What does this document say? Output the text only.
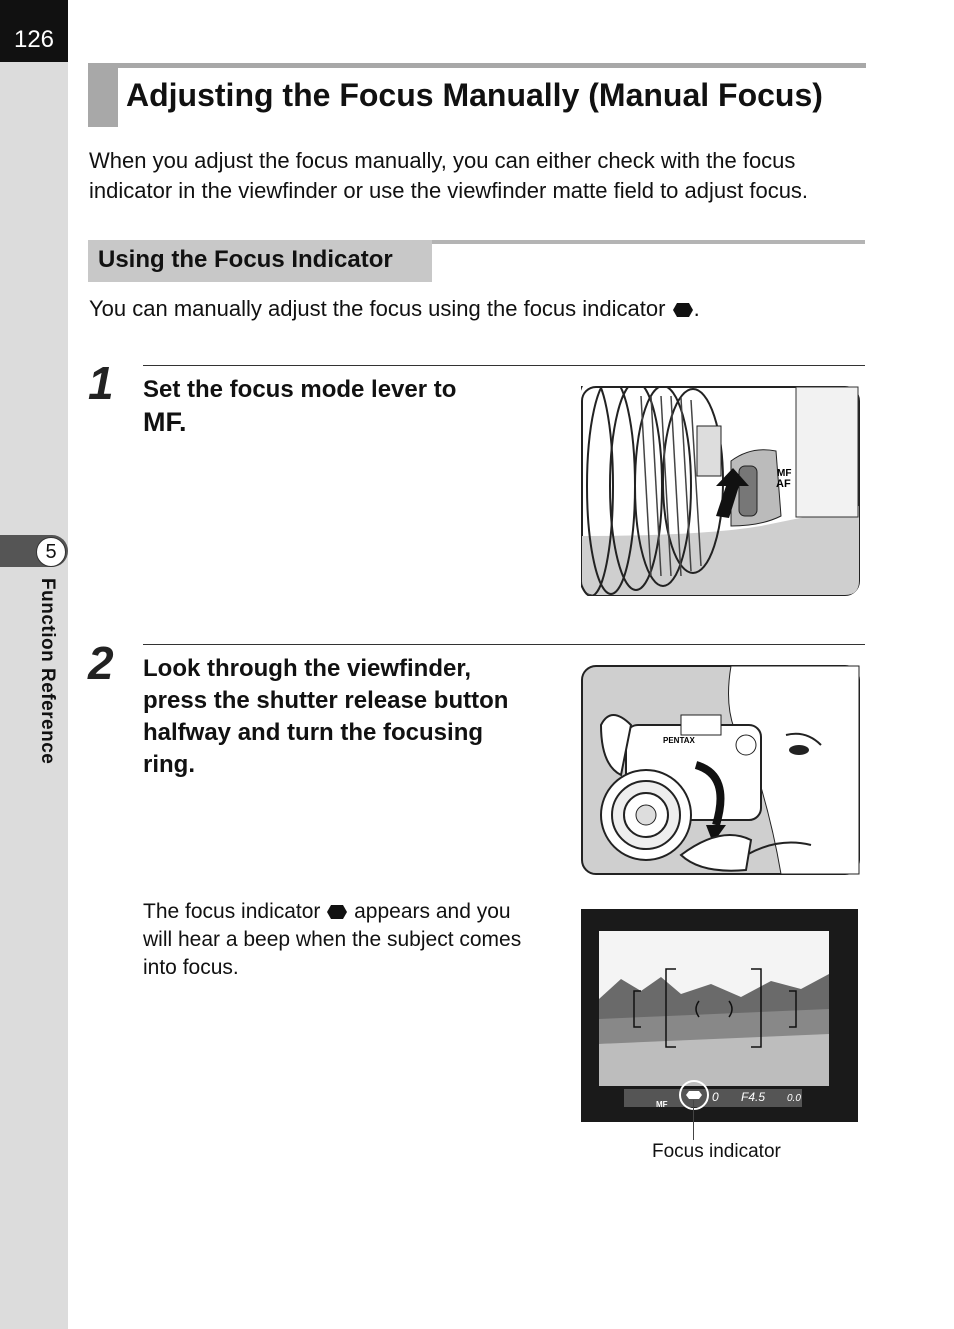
126
5
Function Reference
Adjusting the Focus Manually (Manual Focus)
When you adjust the focus manually, you can either check with the focus indicator in the viewfinder or use the viewfinder matte field to adjust focus.
Using the Focus Indicator
You can manually adjust the focus using the focus indicator .
1 Set the focus mode lever to
MF.
MF
AF
2 Look through the viewfinder, press the shutter release button halfway and turn the focusing ring.
PENTAX
The focus indicator appears and you will hear a beep when the subject comes into focus.
MF
0 F4.5 0.0
Focus indicator
